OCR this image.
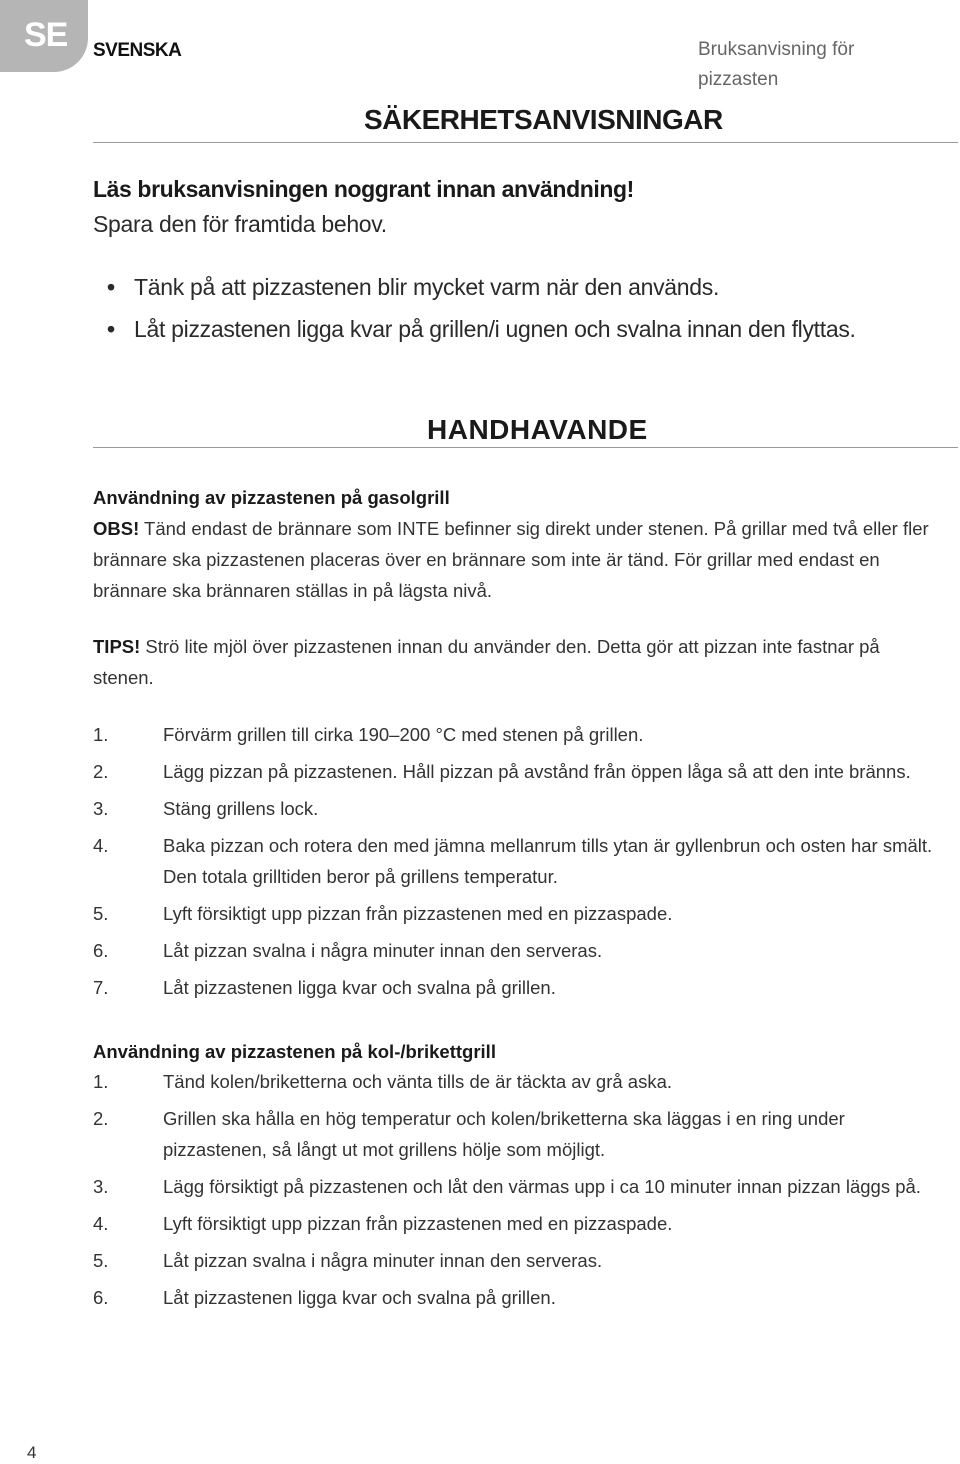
SE SVENSKA	Bruksanvisning för pizzasten
SÄKERHETSANVISNINGAR
Läs bruksanvisningen noggrant innan användning!
Spara den för framtida behov.
• Tänk på att pizzastenen blir mycket varm när den används.
• Låt pizzastenen ligga kvar på grillen/i ugnen och svalna innan den flyttas.
HANDHAVANDE
Användning av pizzastenen på gasolgrill
OBS! Tänd endast de brännare som INTE befinner sig direkt under stenen. På grillar med två eller fler brännare ska pizzastenen placeras över en brännare som inte är tänd. För grillar med endast en brännare ska brännaren ställas in på lägsta nivå.
TIPS! Strö lite mjöl över pizzastenen innan du använder den. Detta gör att pizzan inte fastnar på stenen.
1.	Förvärm grillen till cirka 190–200 °C med stenen på grillen.
2.	Lägg pizzan på pizzastenen. Håll pizzan på avstånd från öppen låga så att den inte bränns.
3.	Stäng grillens lock.
4.	Baka pizzan och rotera den med jämna mellanrum tills ytan är gyllenbrun och osten har smält. Den totala grilltiden beror på grillens temperatur.
5.	Lyft försiktigt upp pizzan från pizzastenen med en pizzaspade.
6.	Låt pizzan svalna i några minuter innan den serveras.
7.	Låt pizzastenen ligga kvar och svalna på grillen.
Användning av pizzastenen på kol-/brikettgrill
1.	Tänd kolen/briketterna och vänta tills de är täckta av grå aska.
2.	Grillen ska hålla en hög temperatur och kolen/briketterna ska läggas i en ring under pizzastenen, så långt ut mot grillens hölje som möjligt.
3.	Lägg försiktigt på pizzastenen och låt den värmas upp i ca 10 minuter innan pizzan läggs på.
4.	Lyft försiktigt upp pizzan från pizzastenen med en pizzaspade.
5.	Låt pizzan svalna i några minuter innan den serveras.
6.	Låt pizzastenen ligga kvar och svalna på grillen.
4
